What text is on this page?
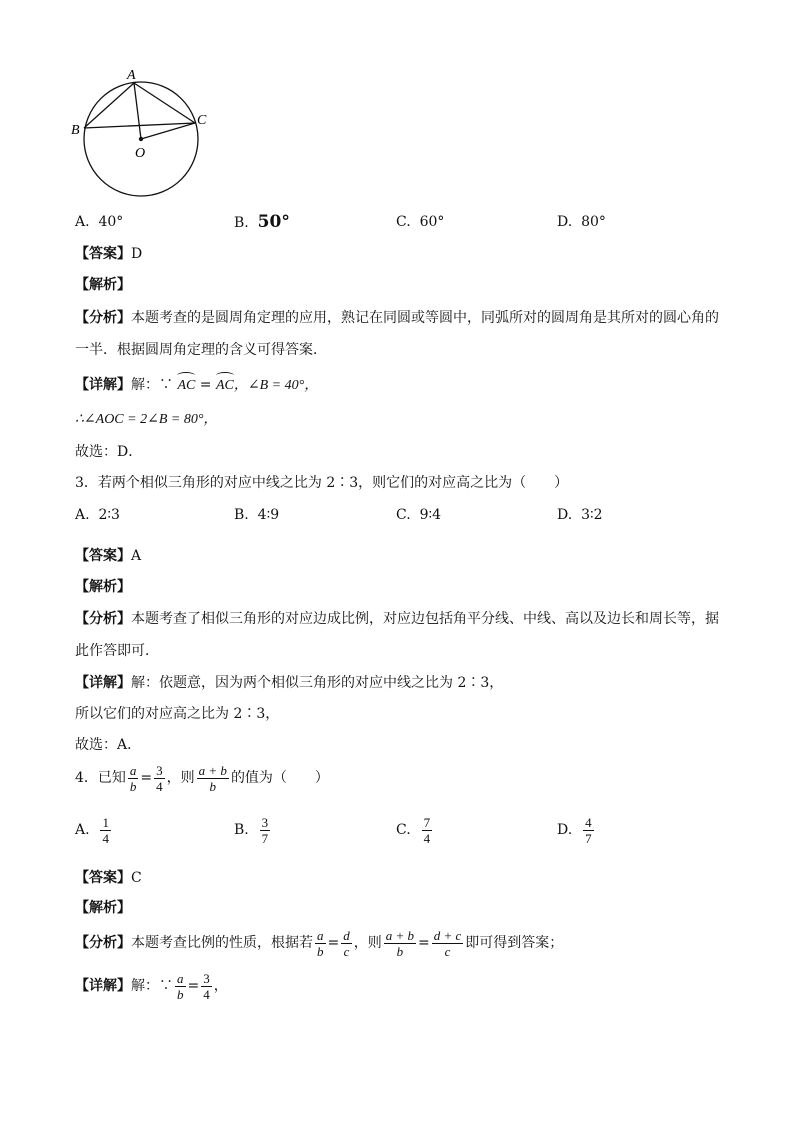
A
B
C
O
A. 40°	B. 50°	C. 60°	D. 80°
【答案】D
【解析】
【分析】本题考查的是圆周角定理的应用，熟记在同圆或等圆中，同弧所对的圆周角是其所对的圆心角的
一半．根据圆周角定理的含义可得答案．
【详解】解：∵ AC = AC，∠B = 40°，
∴∠AOC = 2∠B = 80°，
故选：D．
3．若两个相似三角形的对应中线之比为 2∶3，则它们的对应高之比为（　　）
A. 2∶3	B. 4∶9	C. 9∶4	D. 3∶2
【答案】A
【解析】
【分析】本题考查了相似三角形的对应边成比例，对应边包括角平分线、中线、高以及边长和周长等，据
此作答即可．
【详解】解：依题意，因为两个相似三角形的对应中线之比为 2∶3，
所以它们的对应高之比为 2∶3，
故选：A．
4．已知 $\frac{a}{b} = \frac{3}{4}$ ，则 $\frac{a + b}{b}$ 的值为（　　）
A. $\frac{1}{4}$	B. $\frac{3}{7}$	C. $\frac{7}{4}$	D. $\frac{4}{7}$
【答案】C
【解析】
【分析】本题考查比例的性质，根据若 $\frac{a}{b} = \frac{d}{c}$ ，则 $\frac{a + b}{b} = \frac{d + c}{c}$ 即可得到答案；
【详解】解：∵ $\frac{a}{b} = \frac{3}{4}$ ，
